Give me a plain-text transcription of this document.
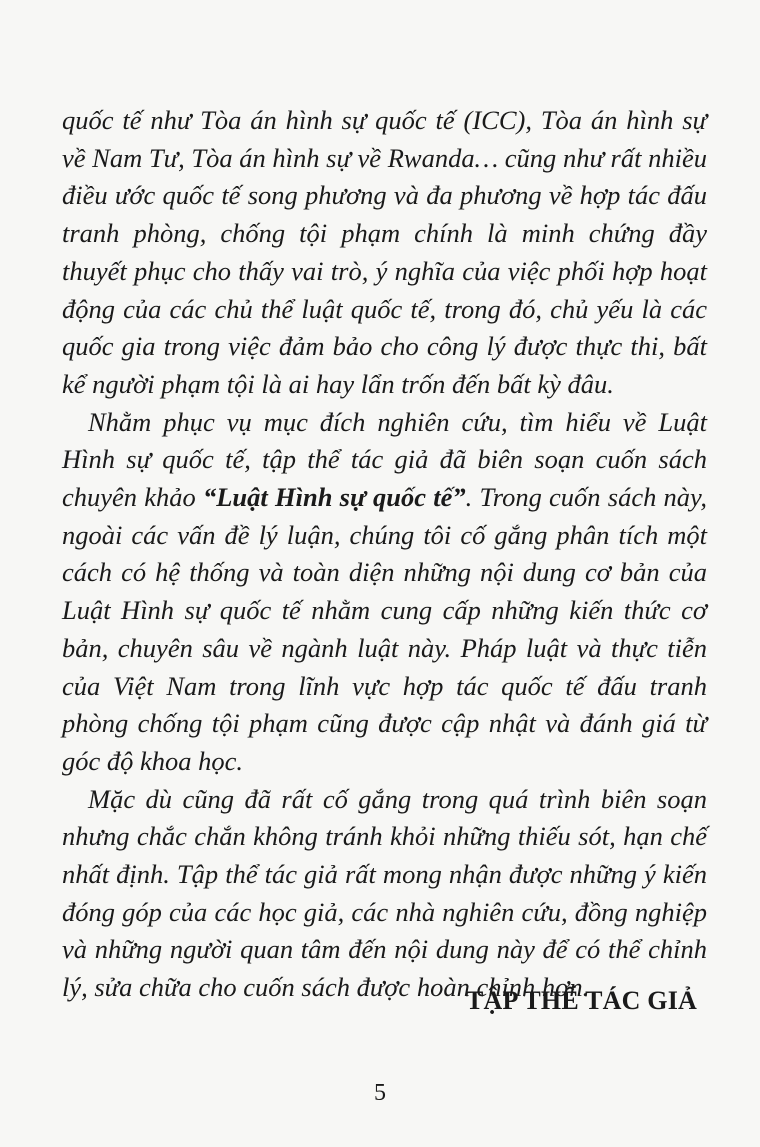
quốc tế như Tòa án hình sự quốc tế (ICC), Tòa án hình sự về Nam Tư, Tòa án hình sự về Rwanda… cũng như rất nhiều điều ước quốc tế song phương và đa phương về hợp tác đấu tranh phòng, chống tội phạm chính là minh chứng đầy thuyết phục cho thấy vai trò, ý nghĩa của việc phối hợp hoạt động của các chủ thể luật quốc tế, trong đó, chủ yếu là các quốc gia trong việc đảm bảo cho công lý được thực thi, bất kể người phạm tội là ai hay lẩn trốn đến bất kỳ đâu.

Nhằm phục vụ mục đích nghiên cứu, tìm hiểu về Luật Hình sự quốc tế, tập thể tác giả đã biên soạn cuốn sách chuyên khảo “Luật Hình sự quốc tế”. Trong cuốn sách này, ngoài các vấn đề lý luận, chúng tôi cố gắng phân tích một cách có hệ thống và toàn diện những nội dung cơ bản của Luật Hình sự quốc tế nhằm cung cấp những kiến thức cơ bản, chuyên sâu về ngành luật này. Pháp luật và thực tiễn của Việt Nam trong lĩnh vực hợp tác quốc tế đấu tranh phòng chống tội phạm cũng được cập nhật và đánh giá từ góc độ khoa học.

Mặc dù cũng đã rất cố gắng trong quá trình biên soạn nhưng chắc chắn không tránh khỏi những thiếu sót, hạn chế nhất định. Tập thể tác giả rất mong nhận được những ý kiến đóng góp của các học giả, các nhà nghiên cứu, đồng nghiệp và những người quan tâm đến nội dung này để có thể chỉnh lý, sửa chữa cho cuốn sách được hoàn chỉnh hơn.

TẬP THỂ TÁC GIẢ
5
